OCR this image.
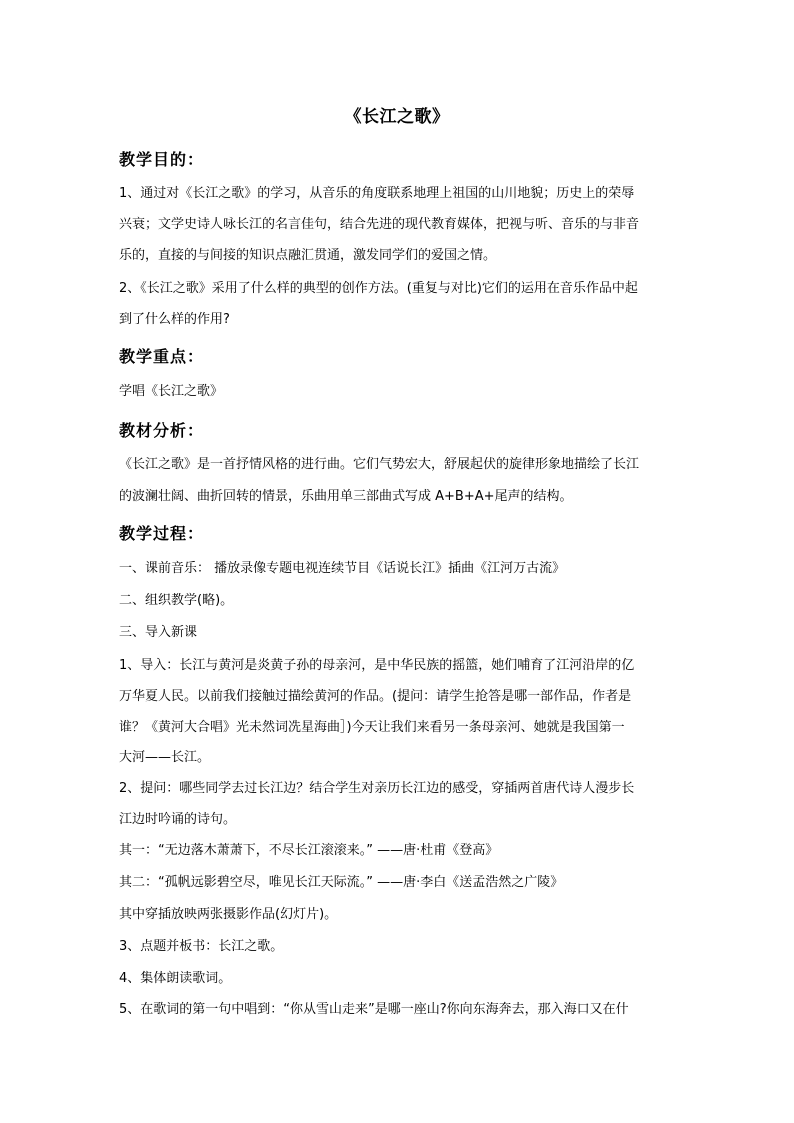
《长江之歌》
教学目的：
1、通过对《长江之歌》的学习，从音乐的角度联系地理上祖国的山川地貌；历史上的荣辱
兴衰；文学史诗人咏长江的名言佳句，结合先进的现代教育媒体，把视与听、音乐的与非音
乐的，直接的与间接的知识点融汇贯通，激发同学们的爱国之情。
2、《长江之歌》采用了什么样的典型的创作方法。(重复与对比)它们的运用在音乐作品中起
到了什么样的作用?
教学重点：
学唱《长江之歌》
教材分析：
《长江之歌》是一首抒情风格的进行曲。它们气势宏大，舒展起伏的旋律形象地描绘了长江
的波澜壮阔、曲折回转的情景，乐曲用单三部曲式写成 A+B+A+尾声的结构。
教学过程：
一、课前音乐： 播放录像专题电视连续节目《话说长江》插曲《江河万古流》
二、组织教学(略)。
三、导入新课
1、导入：长江与黄河是炎黄子孙的母亲河，是中华民族的摇篮，她们哺育了江河沿岸的亿
万华夏人民。以前我们接触过描绘黄河的作品。(提问：请学生抢答是哪一部作品，作者是
谁？《黄河大合唱》光未然词冼星海曲］)今天让我们来看另一条母亲河、她就是我国第一
大河——长江。
2、提问：哪些同学去过长江边？结合学生对亲历长江边的感受，穿插两首唐代诗人漫步长
江边时吟诵的诗句。
其一：“无边落木萧萧下，不尽长江滚滚来。” ——唐·杜甫《登高》
其二：“孤帆远影碧空尽，唯见长江天际流。” ——唐·李白《送孟浩然之广陵》
其中穿插放映两张摄影作品(幻灯片)。
3、点题并板书：长江之歌。
4、集体朗读歌词。
5、在歌词的第一句中唱到：“你从雪山走来”是哪一座山?你向东海奔去，那入海口又在什
